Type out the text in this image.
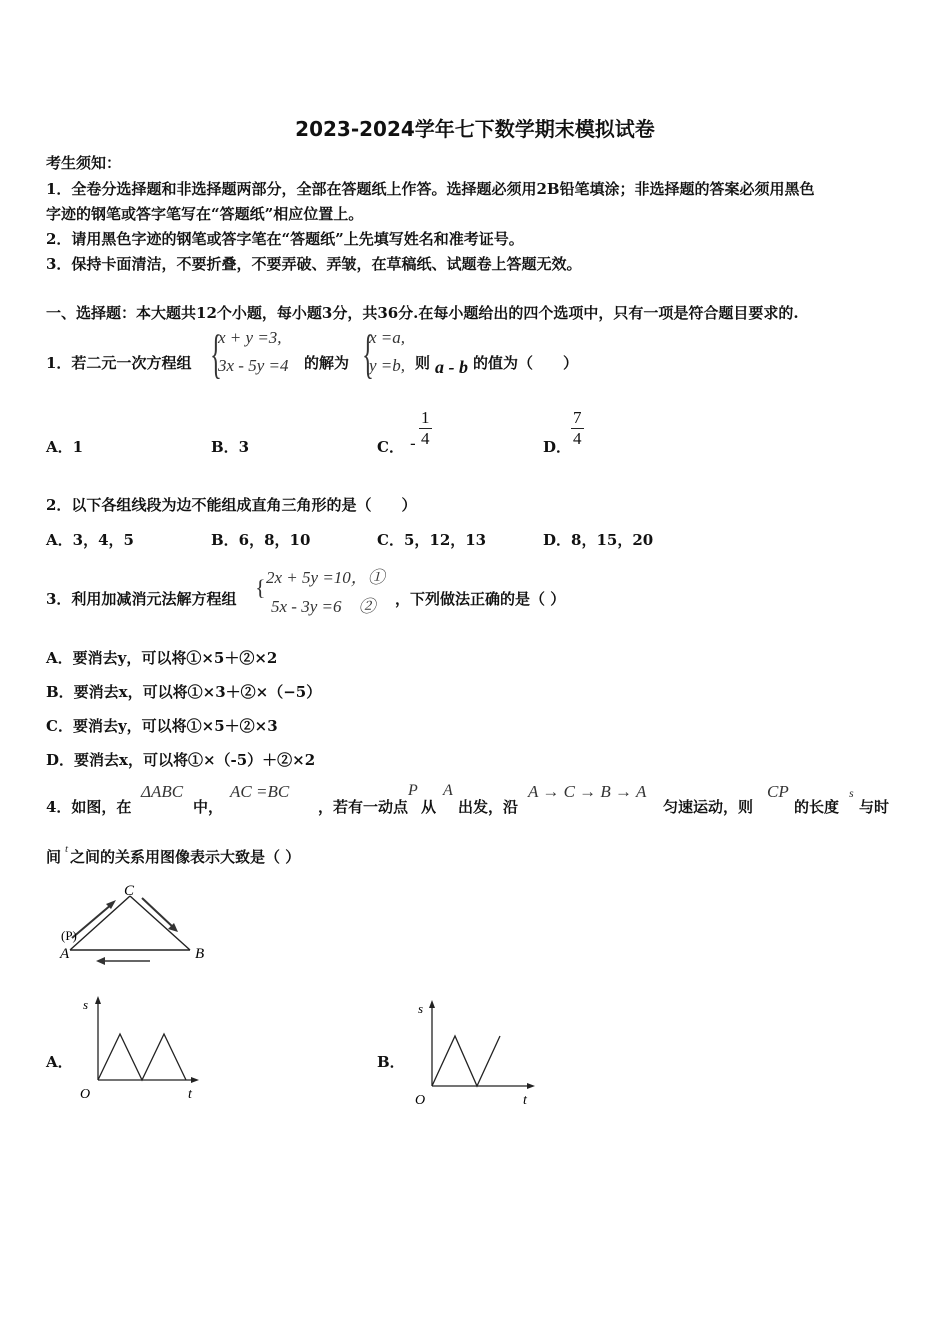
2023-2024学年七下数学期末模拟试卷
考生须知：
1．全卷分选择题和非选择题两部分，全部在答题纸上作答。选择题必须用2B铅笔填涂；非选择题的答案必须用黑色
字迹的钢笔或答字笔写在“答题纸”相应位置上。
2．请用黑色字迹的钢笔或答字笔在“答题纸”上先填写姓名和准考证号。
3．保持卡面清洁，不要折叠，不要弄破、弄皱，在草稿纸、试题卷上答题无效。
一、选择题：本大题共12个小题，每小题3分，共36分.在每小题给出的四个选项中，只有一项是符合题目要求的.
1．若二元一次方程组 {
x + y =3,
3x - 5y =4 的解为 {
x =a,
y =b, 则 a - b 的值为（　　）
A．1	B．3	C． - $\frac{1}{4}$	D． $\frac{7}{4}$
2．以下各组线段为边不能组成直角三角形的是（　　）
A．3，4，5	B．6，8，10	C．5，12，13	D．8，15，20
3．利用加减消元法解方程组 { 2x + 5y =10，①
5x - 3y =6　② ，下列做法正确的是（ ）
A．要消去y，可以将①×5＋②×2
B．要消去x，可以将①×3＋②×（−5）
C．要消去y，可以将①×5＋②×3
D．要消去x，可以将①×（-5）＋②×2
4．如图，在
ΔABC
中，
AC =BC
，若有一动点
P
从
A
出发，沿
A → C → B → A
匀速运动，则
CP
的长度
s
与时
间 t 之间的关系用图像表示大致是（ ）
C
A	B
(P)
A．
s
O	t
B．
s
O	t
